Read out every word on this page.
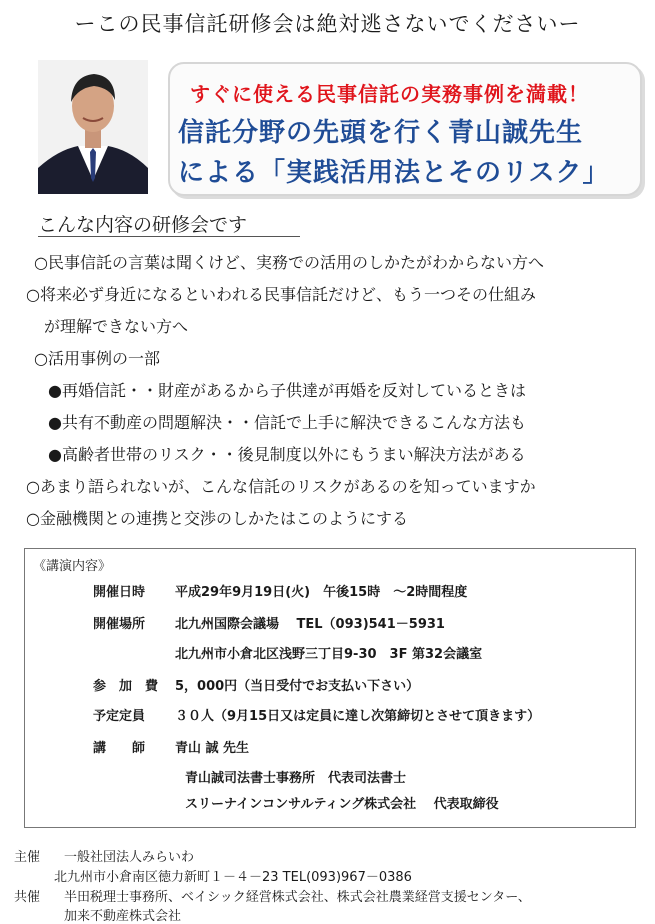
ーこの民事信託研修会は絶対逃さないでくださいー
すぐに使える民事信託の実務事例を満載！
信託分野の先頭を行く青山誠先生
による「実践活用法とそのリスク」
こんな内容の研修会です
○民事信託の言葉は聞くけど、実務での活用のしかたがわからない方へ
○将来必ず身近になるといわれる民事信託だけど、もう一つその仕組み
が理解できない方へ
○活用事例の一部
●再婚信託・・財産があるから子供達が再婚を反対しているときは
●共有不動産の問題解決・・信託で上手に解決できるこんな方法も
●高齢者世帯のリスク・・後見制度以外にもうまい解決方法がある
○あまり語られないが、こんな信託のリスクがあるのを知っていますか
○金融機関との連携と交渉のしかたはこのようにする
《講演内容》
開催日時 平成29年9月19日(火)　午後15時　～2時間程度
開催場所 北九州国際会議場　 TEL（093)541－5931
北九州市小倉北区浅野三丁目9-30　3F 第32会議室
参　加　費 5，000円（当日受付でお支払い下さい）
予定定員 ３０人（9月15日又は定員に達し次第締切とさせて頂きます）
講　　師 青山 誠 先生
青山誠司法書士事務所　代表司法書士
スリーナインコンサルティング株式会社　 代表取締役
主催 一般社団法人みらいわ
北九州市小倉南区徳力新町１－４－23 TEL(093)967－0386
共催 半田税理士事務所、ベイシック経営株式会社、株式会社農業経営支援センター、
加来不動産株式会社
